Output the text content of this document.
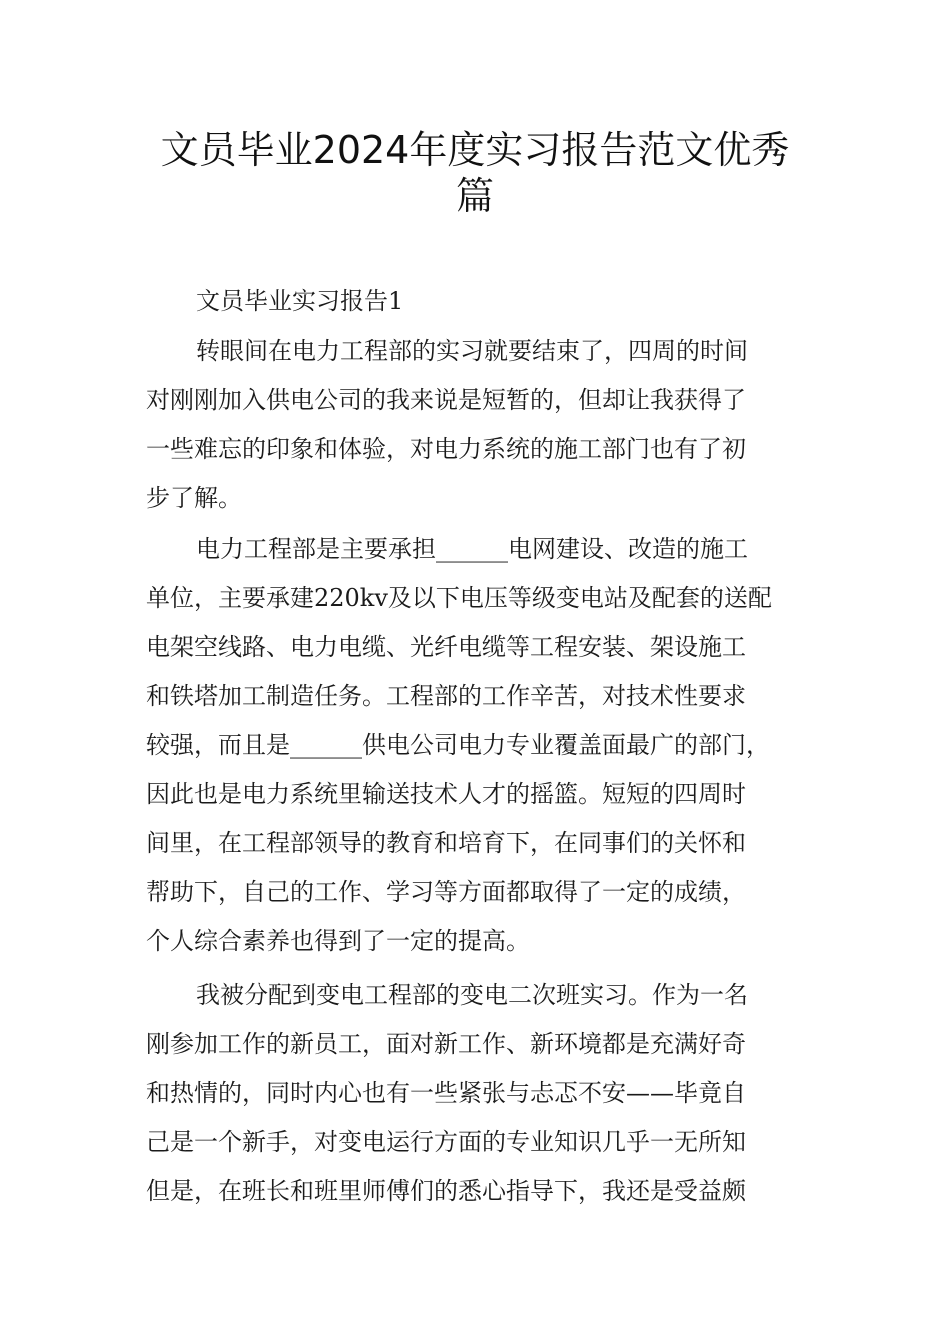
文员毕业2024年度实习报告范文优秀
篇
文员毕业实习报告1
转眼间在电力工程部的实习就要结束了，四周的时间
对刚刚加入供电公司的我来说是短暂的，但却让我获得了
一些难忘的印象和体验，对电力系统的施工部门也有了初
步了解。
电力工程部是主要承担______电网建设、改造的施工
单位，主要承建220kv及以下电压等级变电站及配套的送配
电架空线路、电力电缆、光纤电缆等工程安装、架设施工
和铁塔加工制造任务。工程部的工作辛苦，对技术性要求
较强，而且是______供电公司电力专业覆盖面最广的部门，
因此也是电力系统里输送技术人才的摇篮。短短的四周时
间里，在工程部领导的教育和培育下，在同事们的关怀和
帮助下，自己的工作、学习等方面都取得了一定的成绩，
个人综合素养也得到了一定的提高。
我被分配到变电工程部的变电二次班实习。作为一名
刚参加工作的新员工，面对新工作、新环境都是充满好奇
和热情的，同时内心也有一些紧张与忐忑不安——毕竟自
己是一个新手，对变电运行方面的专业知识几乎一无所知
但是，在班长和班里师傅们的悉心指导下，我还是受益颇
